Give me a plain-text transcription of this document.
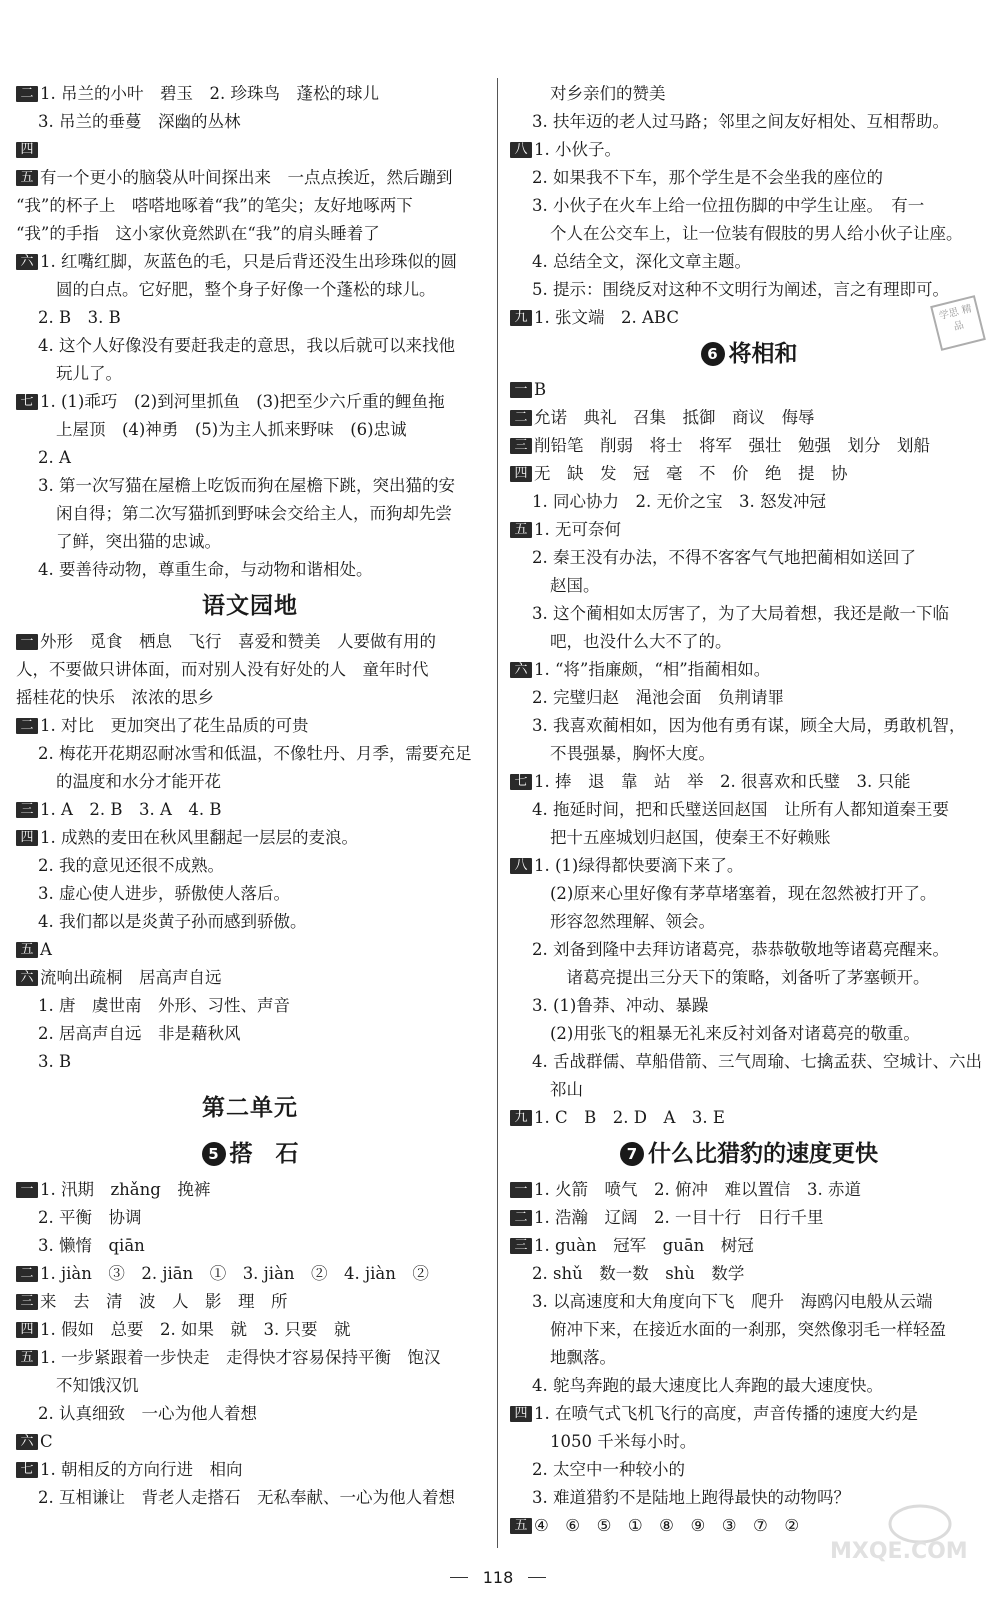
二 1. 吊兰的小叶　碧玉　2. 珍珠鸟　蓬松的球儿
3. 吊兰的垂蔓　深幽的丛林
四
五 有一个更小的脑袋从叶间探出来　一点点挨近，然后蹦到
“我”的杯子上　嗒嗒地啄着“我”的笔尖；友好地啄两下
“我”的手指　这小家伙竟然趴在“我”的肩头睡着了
六 1. 红嘴红脚，灰蓝色的毛，只是后背还没生出珍珠似的圆
圆的白点。它好肥，整个身子好像一个蓬松的球儿。
2. B　3. B
4. 这个人好像没有要赶我走的意思，我以后就可以来找他
玩儿了。
七 1. (1)乖巧　(2)到河里抓鱼　(3)把至少六斤重的鲤鱼拖
上屋顶　(4)神勇　(5)为主人抓来野味　(6)忠诚
2. A
3. 第一次写猫在屋檐上吃饭而狗在屋檐下跳，突出猫的安
闲自得；第二次写猫抓到野味会交给主人，而狗却先尝
了鲜，突出猫的忠诚。
4. 要善待动物，尊重生命，与动物和谐相处。
语文园地
一 外形　觅食　栖息　飞行　喜爱和赞美　人要做有用的
人，不要做只讲体面，而对别人没有好处的人　童年时代
摇桂花的快乐　浓浓的思乡
二 1. 对比　更加突出了花生品质的可贵
2. 梅花开花期忍耐冰雪和低温，不像牡丹、月季，需要充足
的温度和水分才能开花
三 1. A　2. B　3. A　4. B
四 1. 成熟的麦田在秋风里翻起一层层的麦浪。
2. 我的意见还很不成熟。
3. 虚心使人进步，骄傲使人落后。
4. 我们都以是炎黄子孙而感到骄傲。
五 A
六 流响出疏桐　居高声自远
1. 唐　虞世南　外形、习性、声音
2. 居高声自远　非是藉秋风
3. B
第二单元
5 搭　石
一 1. 汛期　zhǎng　挽裤
2. 平衡　协调
3. 懒惰　qiān
二 1. jiàn　③　2. jiān　①　3. jiàn　②　4. jiàn　②
三 来　去　清　波　人　影　理　所
四 1. 假如　总要　2. 如果　就　3. 只要　就
五 1. 一步紧跟着一步快走　走得快才容易保持平衡　饱汉
不知饿汉饥
2. 认真细致　一心为他人着想
六 C
七 1. 朝相反的方向行进　相向
2. 互相谦让　背老人走搭石　无私奉献、一心为他人着想
对乡亲们的赞美
3. 扶年迈的老人过马路；邻里之间友好相处、互相帮助。
八 1. 小伙子。
2. 如果我不下车，那个学生是不会坐我的座位的
3. 小伙子在火车上给一位扭伤脚的中学生让座。　有一
个人在公交车上，让一位装有假肢的男人给小伙子让座。
4. 总结全文，深化文章主题。
5. 提示：围绕反对这种不文明行为阐述，言之有理即可。
九 1. 张文端　2. ABC
6 将相和
一 B
二 允诺　典礼　召集　抵御　商议　侮辱
三 削铅笔　削弱　将士　将军　强壮　勉强　划分　划船
四 无　缺　发　冠　毫　不　价　绝　提　协
1. 同心协力　2. 无价之宝　3. 怒发冲冠
五 1. 无可奈何
2. 秦王没有办法，不得不客客气气地把蔺相如送回了
赵国。
3. 这个蔺相如太厉害了，为了大局着想，我还是敞一下临
吧，也没什么大不了的。
六 1. “将”指廉颇，“相”指蔺相如。
2. 完璧归赵　渑池会面　负荆请罪
3. 我喜欢蔺相如，因为他有勇有谋，顾全大局，勇敢机智，
不畏强暴，胸怀大度。
七 1. 捧　退　靠　站　举　2. 很喜欢和氏璧　3. 只能
4. 拖延时间，把和氏璧送回赵国　让所有人都知道秦王要
把十五座城划归赵国，使秦王不好赖账
八 1. (1)绿得都快要滴下来了。
(2)原来心里好像有茅草堵塞着，现在忽然被打开了。
形容忽然理解、领会。
2. 刘备到隆中去拜访诸葛亮，恭恭敬敬地等诸葛亮醒来。
　诸葛亮提出三分天下的策略，刘备听了茅塞顿开。
3. (1)鲁莽、冲动、暴躁
(2)用张飞的粗暴无礼来反衬刘备对诸葛亮的敬重。
4. 舌战群儒、草船借箭、三气周瑜、七擒孟获、空城计、六出
祁山
九 1. C　B　2. D　A　3. E
7 什么比猎豹的速度更快
一 1. 火箭　喷气　2. 俯冲　难以置信　3. 赤道
二 1. 浩瀚　辽阔　2. 一目十行　日行千里
三 1. guàn　冠军　guān　树冠
2. shǔ　数一数　shù　数学
3. 以高速度和大角度向下飞　爬升　海鸥闪电般从云端
俯冲下来，在接近水面的一刹那，突然像羽毛一样轻盈
地飘落。
4. 鸵鸟奔跑的最大速度比人奔跑的最大速度快。
四 1. 在喷气式飞机飞行的高度，声音传播的速度大约是
1050 千米每小时。
2. 太空中一种较小的
3. 难道猎豹不是陆地上跑得最快的动物吗？
五 ④　⑥　⑤　①　⑧　⑨　③　⑦　②
学思 精品
118
MXQE.COM
